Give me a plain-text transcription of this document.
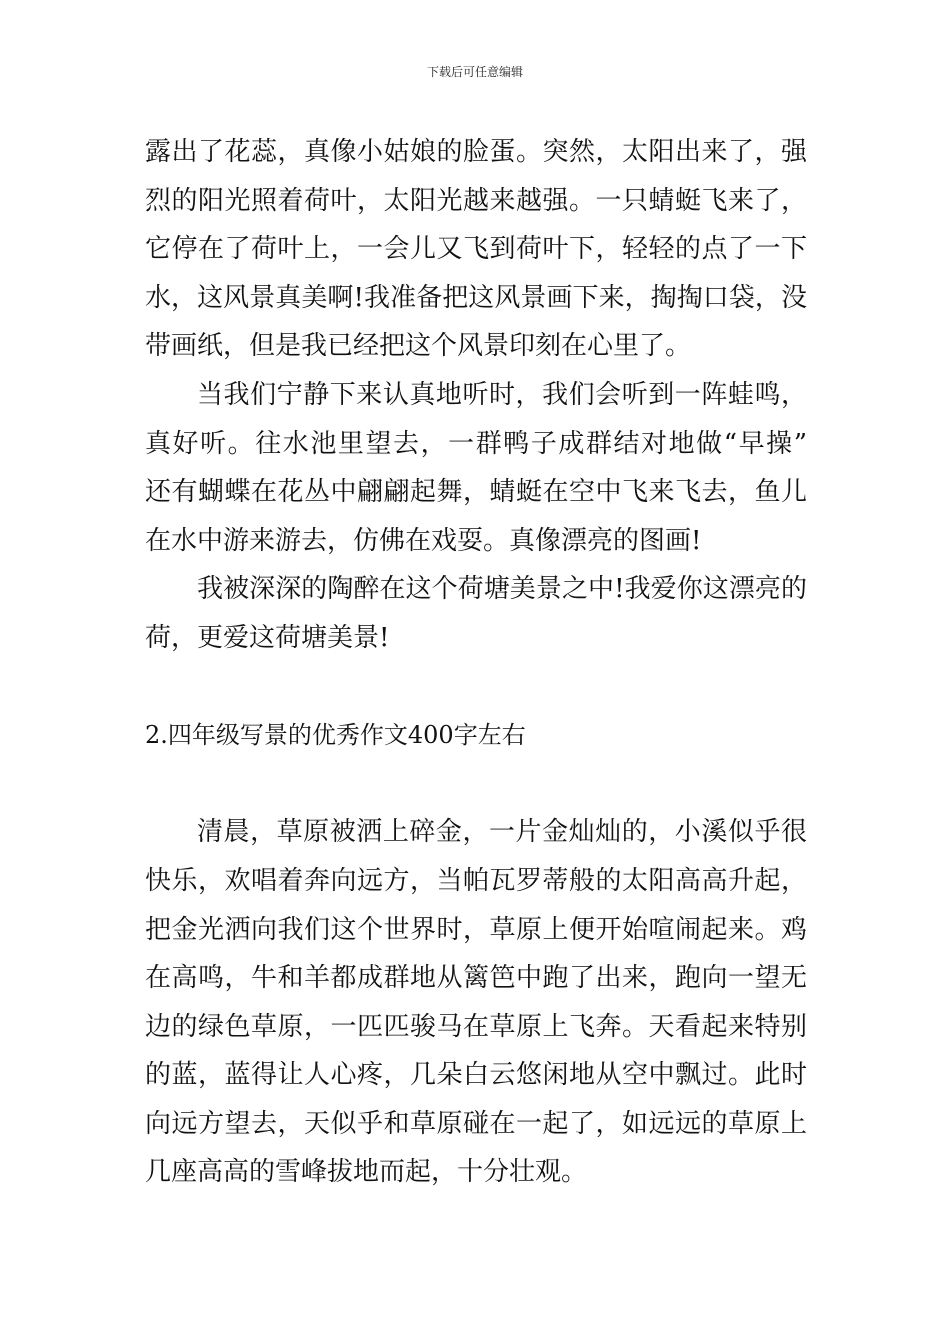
下载后可任意编辑
露出了花蕊，真像小姑娘的脸蛋。突然，太阳出来了，强
烈的阳光照着荷叶，太阳光越来越强。一只蜻蜓飞来了，
它停在了荷叶上，一会儿又飞到荷叶下，轻轻的点了一下
水，这风景真美啊!我准备把这风景画下来，掏掏口袋，没
带画纸，但是我已经把这个风景印刻在心里了。
当我们宁静下来认真地听时，我们会听到一阵蛙鸣，
真好听。往水池里望去，一群鸭子成群结对地做“早操”
还有蝴蝶在花丛中翩翩起舞，蜻蜓在空中飞来飞去，鱼儿
在水中游来游去，仿佛在戏耍。真像漂亮的图画!
我被深深的陶醉在这个荷塘美景之中!我爱你这漂亮的
荷，更爱这荷塘美景!
2.四年级写景的优秀作文400字左右
清晨，草原被洒上碎金，一片金灿灿的，小溪似乎很
快乐，欢唱着奔向远方，当帕瓦罗蒂般的太阳高高升起，
把金光洒向我们这个世界时，草原上便开始喧闹起来。鸡
在高鸣，牛和羊都成群地从篱笆中跑了出来，跑向一望无
边的绿色草原，一匹匹骏马在草原上飞奔。天看起来特别
的蓝，蓝得让人心疼，几朵白云悠闲地从空中飘过。此时
向远方望去，天似乎和草原碰在一起了，如远远的草原上
几座高高的雪峰拔地而起，十分壮观。
